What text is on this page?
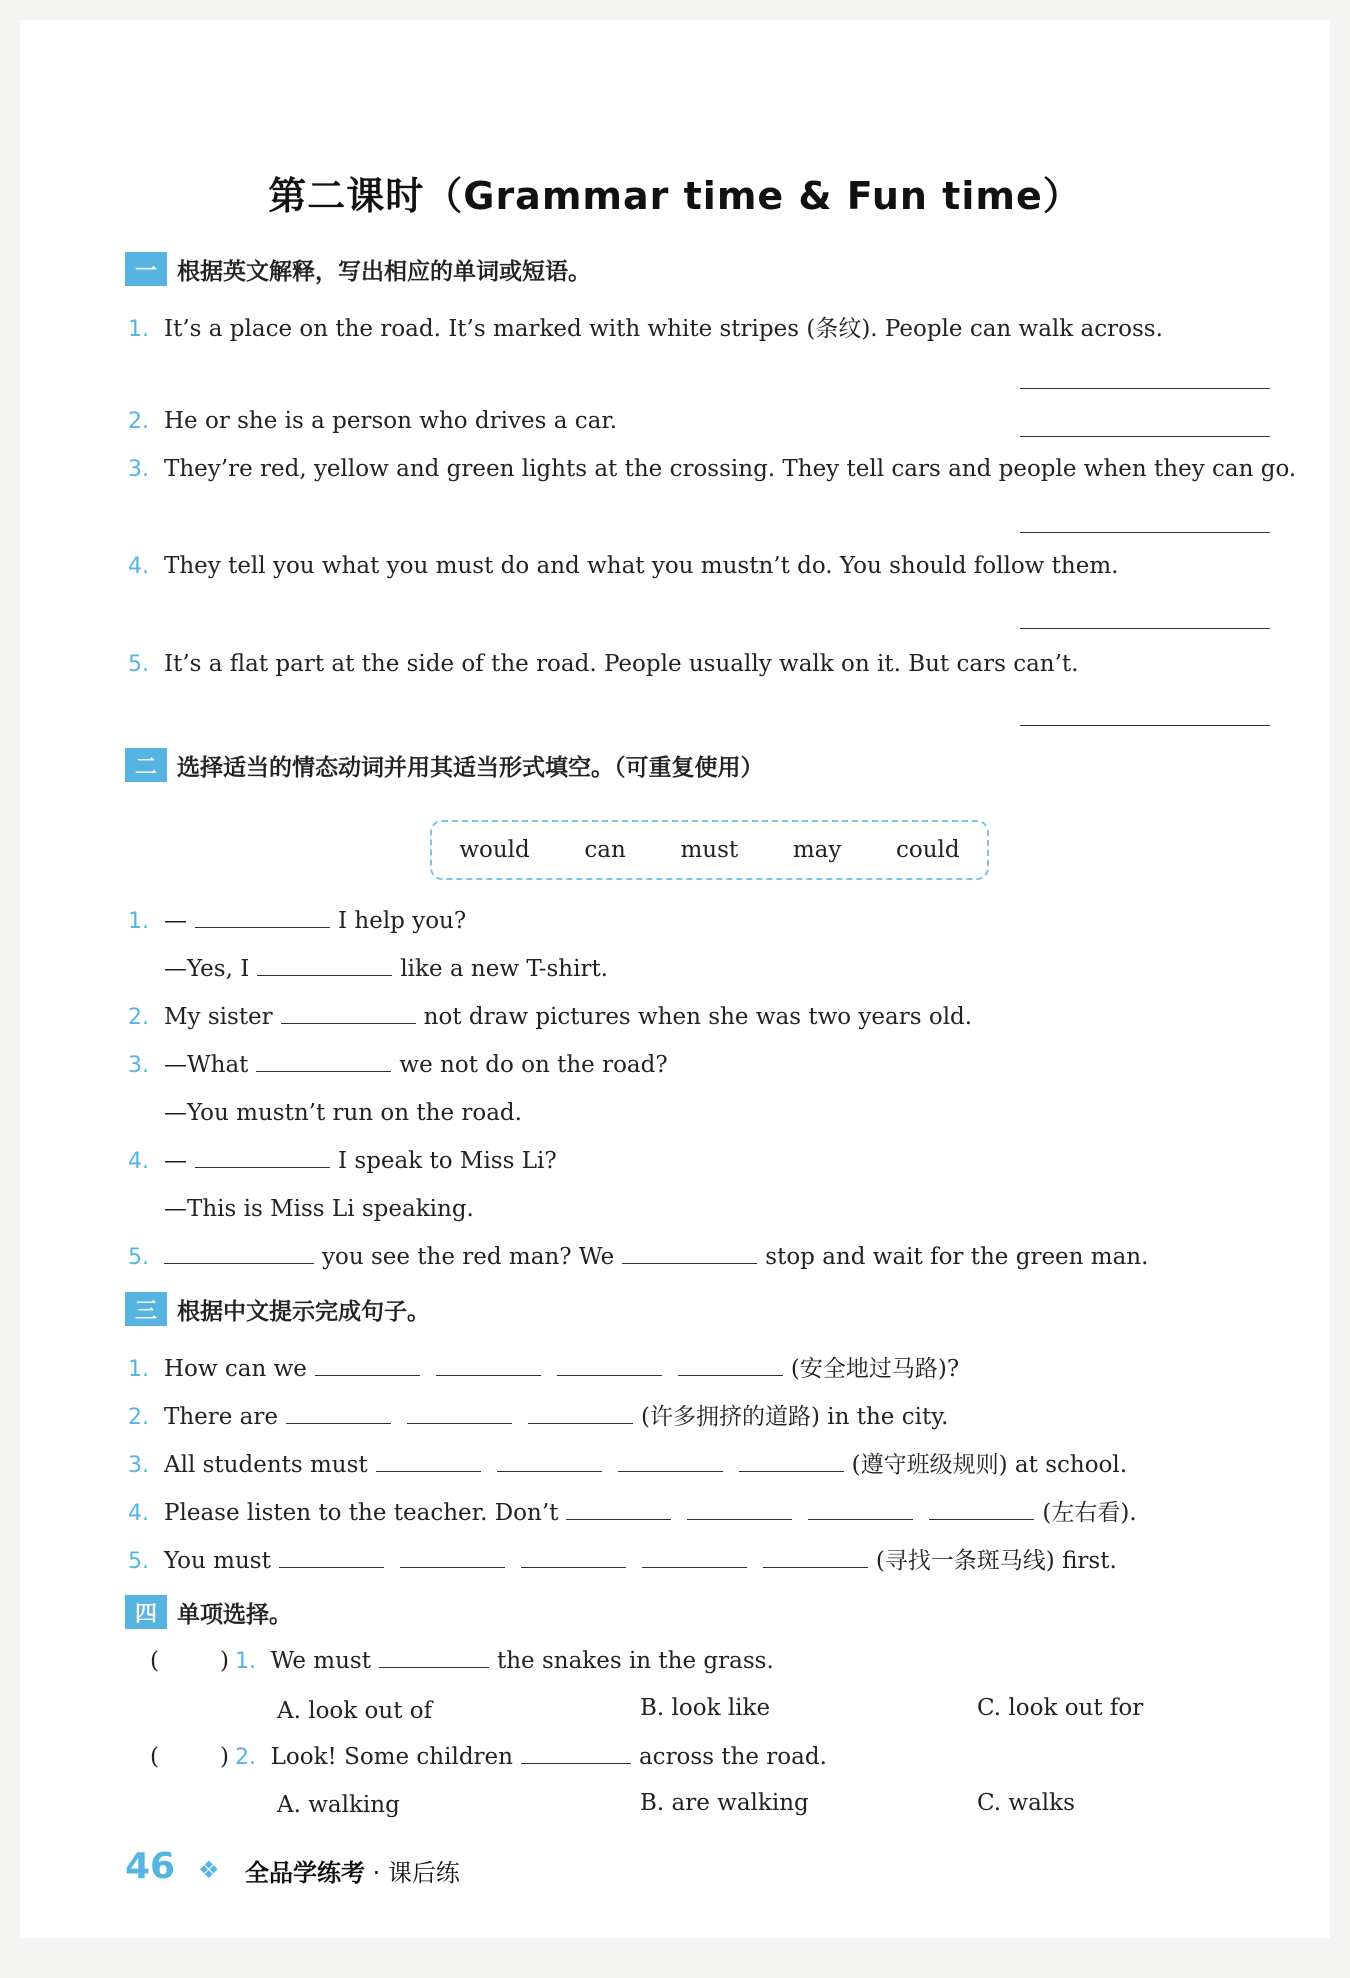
第二课时（Grammar time & Fun time）
一 根据英文解释，写出相应的单词或短语。
1. It’s a place on the road. It’s marked with white stripes (条纹). People can walk across.
2. He or she is a person who drives a car.
3. They’re red, yellow and green lights at the crossing. They tell cars and people when they can go.
4. They tell you what you must do and what you mustn’t do. You should follow them.
5. It’s a flat part at the side of the road. People usually walk on it. But cars can’t.
二 选择适当的情态动词并用其适当形式填空。（可重复使用）
would can must may could
1. —	I help you?
—Yes, I	like a new T-shirt.
2. My sister	not draw pictures when she was two years old.
3. —What	we not do on the road?
—You mustn’t run on the road.
4. —	I speak to Miss Li?
—This is Miss Li speaking.
5.	you see the red man? We	stop and wait for the green man.
三 根据中文提示完成句子。
1. How can we	(安全地过马路)?
2. There are	(许多拥挤的道路) in the city.
3. All students must	(遵守班级规则) at school.
4. Please listen to the teacher. Don’t	(左右看).
5. You must	(寻找一条斑马线) first.
四 单项选择。
(	) 1. We must	the snakes in the grass.
A. look out of	B. look like	C. look out for
(	) 2. Look! Some children	across the road.
A. walking	B. are walking	C. walks
46 ❖ 全品学练考 · 课后练
